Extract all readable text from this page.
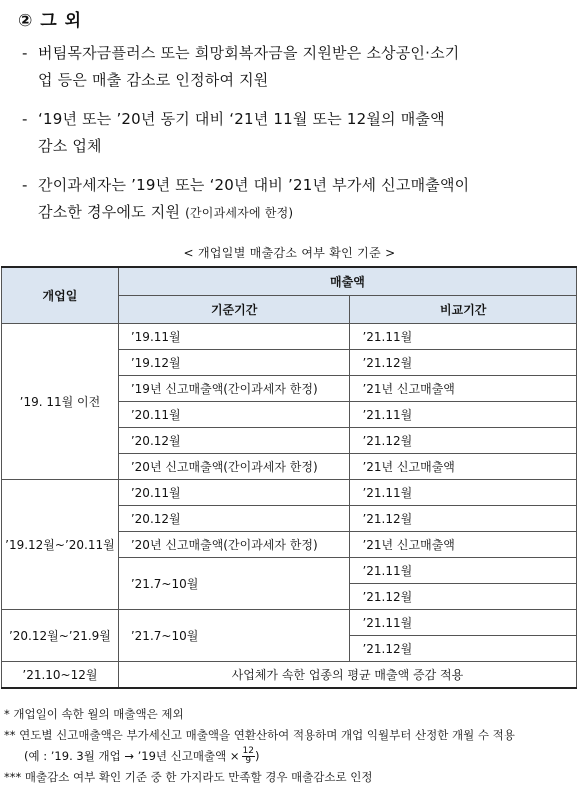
② 그 외
- 버팀목자금플러스 또는 희망회복자금을 지원받은 소상공인·소기
업 등은 매출 감소로 인정하여 지원
- ‘19년 또는 ’20년 동기 대비 ‘21년 11월 또는 12월의 매출액
감소 업체
- 간이과세자는 ’19년 또는 ‘20년 대비 ’21년 부가세 신고매출액이
감소한 경우에도 지원 (간이과세자에 한정)
< 개업일별 매출감소 여부 확인 기준 >
개업일	매출액	
	기준기간	비교기간
’19. 11월 이전	’19.11월	’21.11월
	’19.12월	’21.12월
	’19년 신고매출액(간이과세자 한정)	’21년 신고매출액
	’20.11월	’21.11월
	’20.12월	’21.12월
	’20년 신고매출액(간이과세자 한정)	’21년 신고매출액
’19.12월~’20.11월	’20.11월	’21.11월
	’20.12월	’21.12월
	’20년 신고매출액(간이과세자 한정)	’21년 신고매출액
	’21.7~10월	’21.11월
		’21.12월
’20.12월~’21.9월	’21.7~10월	’21.11월
		’21.12월
’21.10~12월	사업체가 속한 업종의 평균 매출액 증감 적용	
* 개업일이 속한 월의 매출액은 제외
** 연도별 신고매출액은 부가세신고 매출액을 연환산하여 적용하며 개업 익월부터 산정한 개월 수 적용
(예 : ’19. 3월 개업 → ’19년 신고매출액 × $\frac{12}{9}$ )
*** 매출감소 여부 확인 기준 중 한 가지라도 만족할 경우 매출감소로 인정
